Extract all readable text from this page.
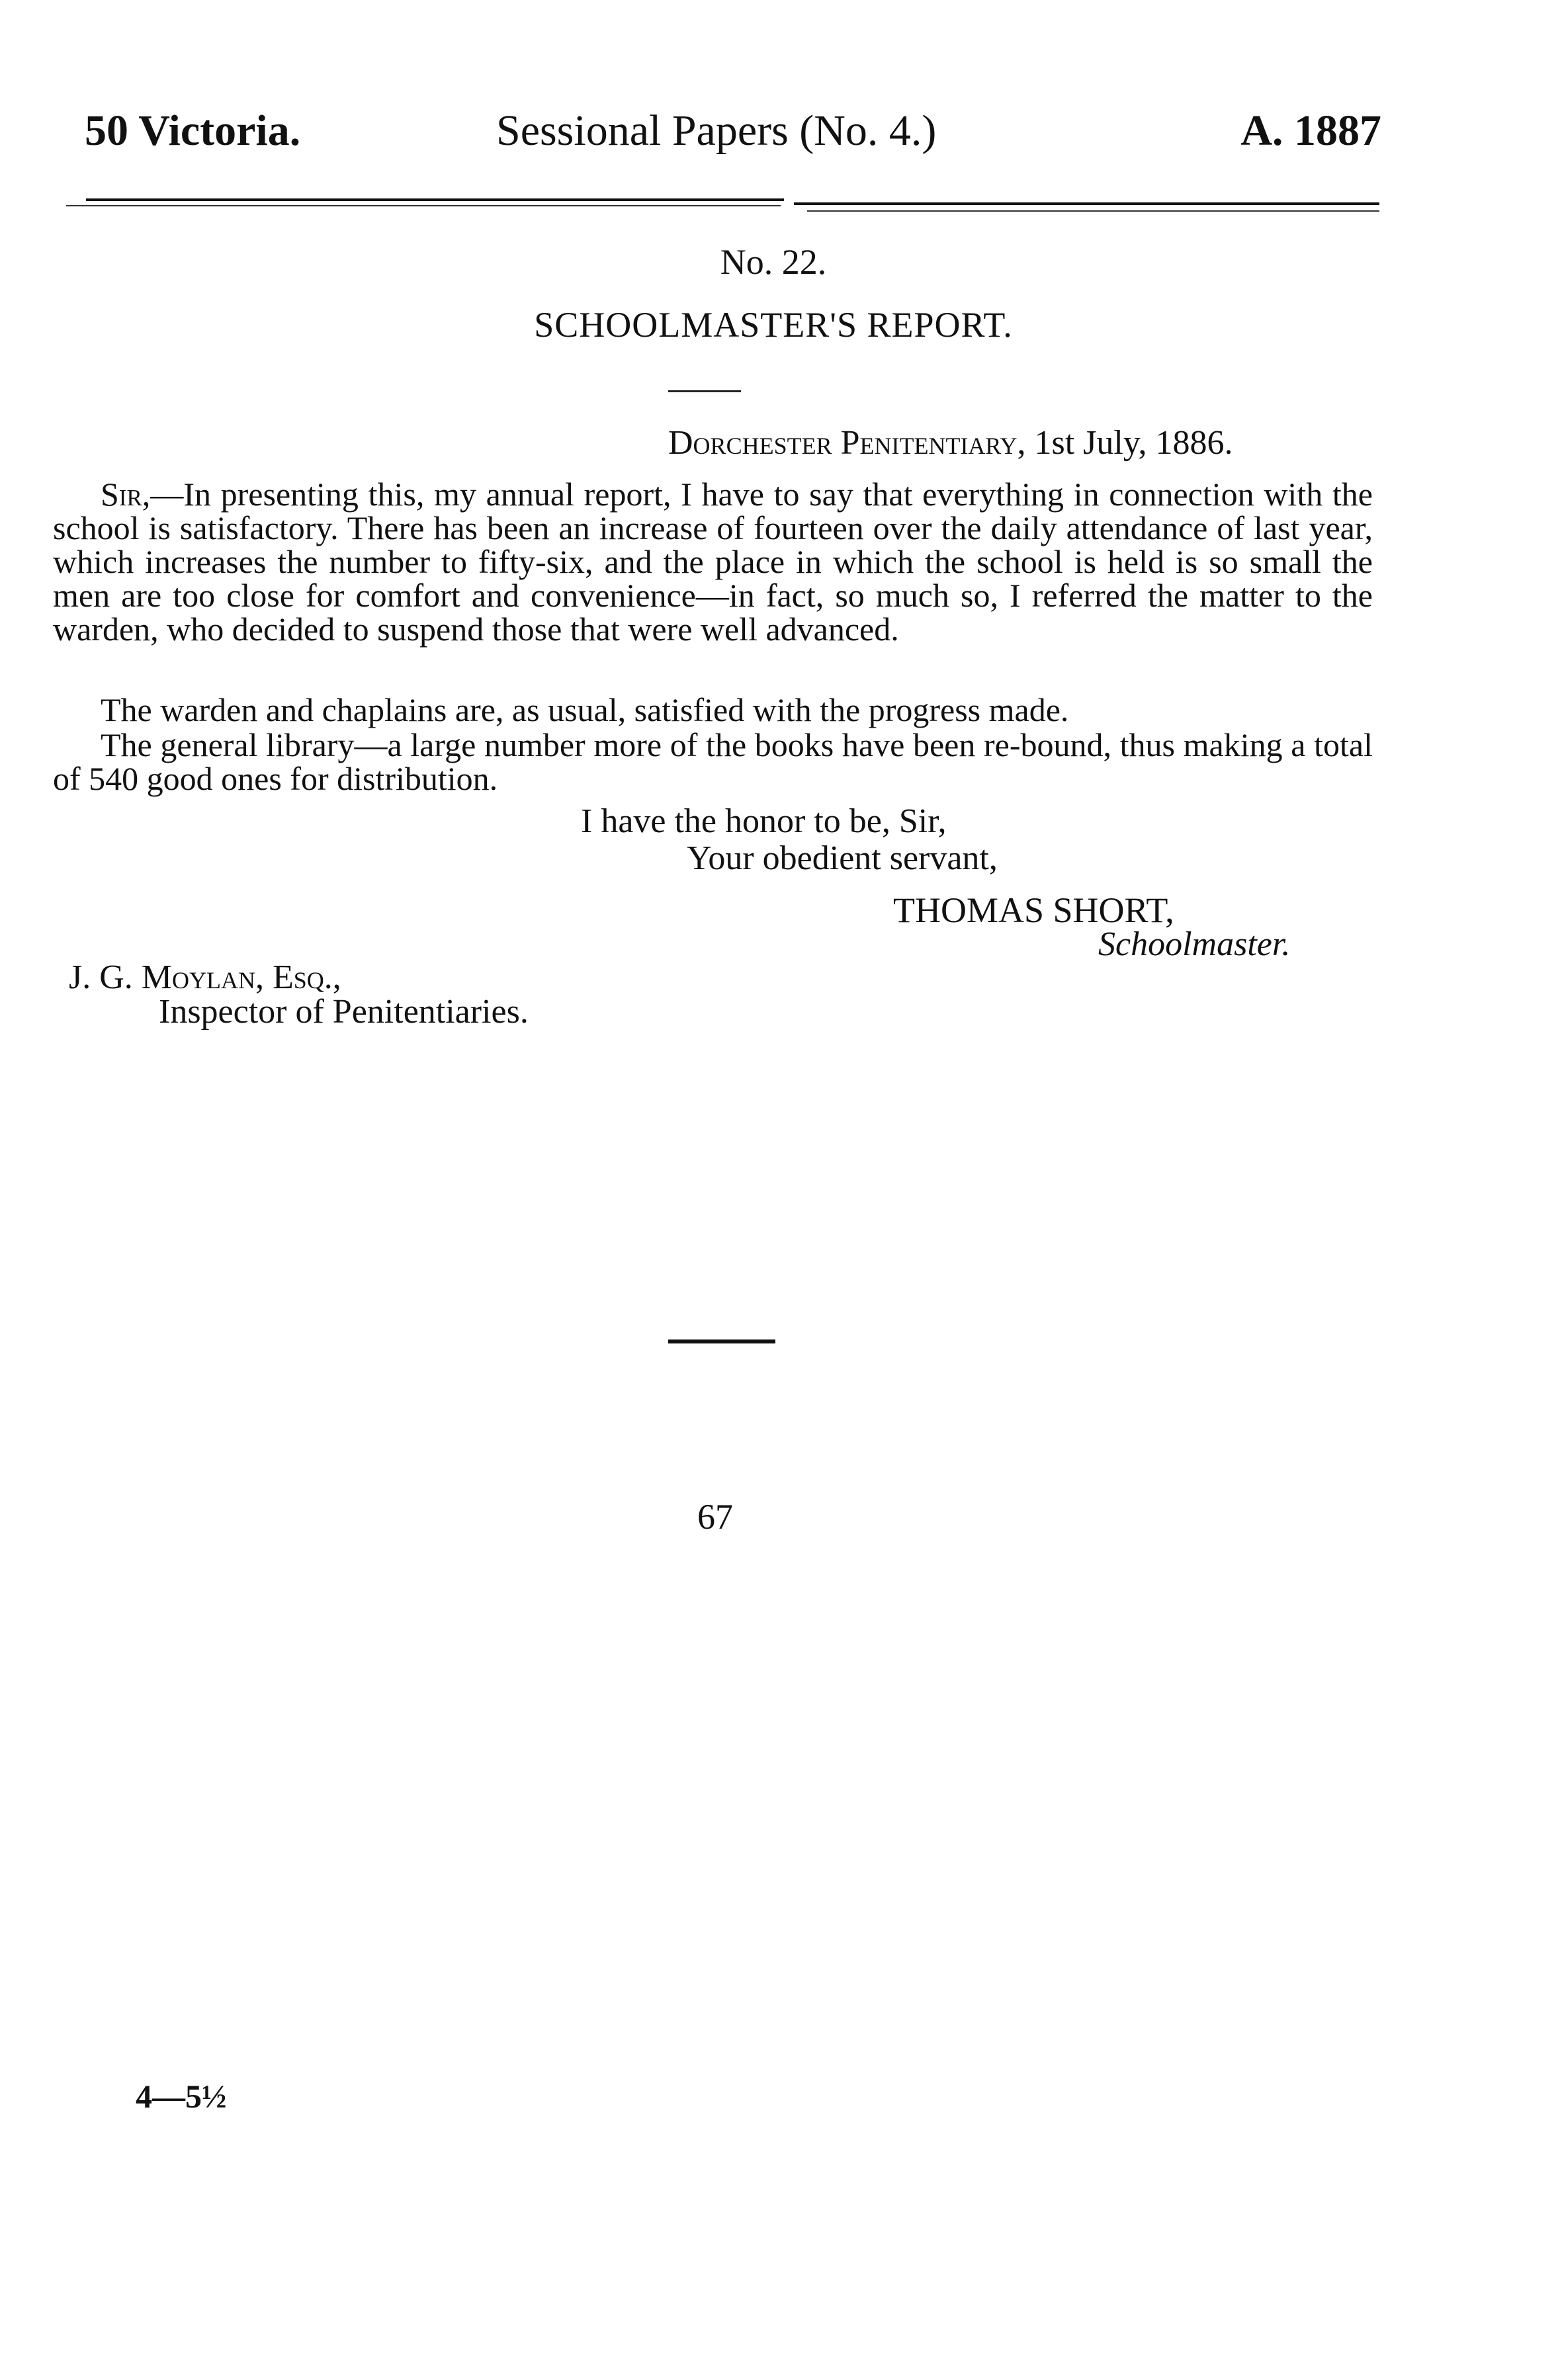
50 Victoria.	Sessional Papers (No. 4.)	A. 1887
No. 22.
SCHOOLMASTER'S REPORT.
Dorchester Penitentiary, 1st July, 1886.
Sir,—In presenting this, my annual report, I have to say that everything in connection with the school is satisfactory. There has been an increase of fourteen over the daily attendance of last year, which increases the number to fifty-six, and the place in which the school is held is so small the men are too close for comfort and convenience—in fact, so much so, I referred the matter to the warden, who decided to suspend those that were well advanced.
The warden and chaplains are, as usual, satisfied with the progress made.
The general library—a large number more of the books have been re-bound, thus making a total of 540 good ones for distribution.
I have the honor to be, Sir,
Your obedient servant,
THOMAS SHORT,
Schoolmaster.
J. G. Moylan, Esq.,
Inspector of Penitentiaries.
67
4—5½
